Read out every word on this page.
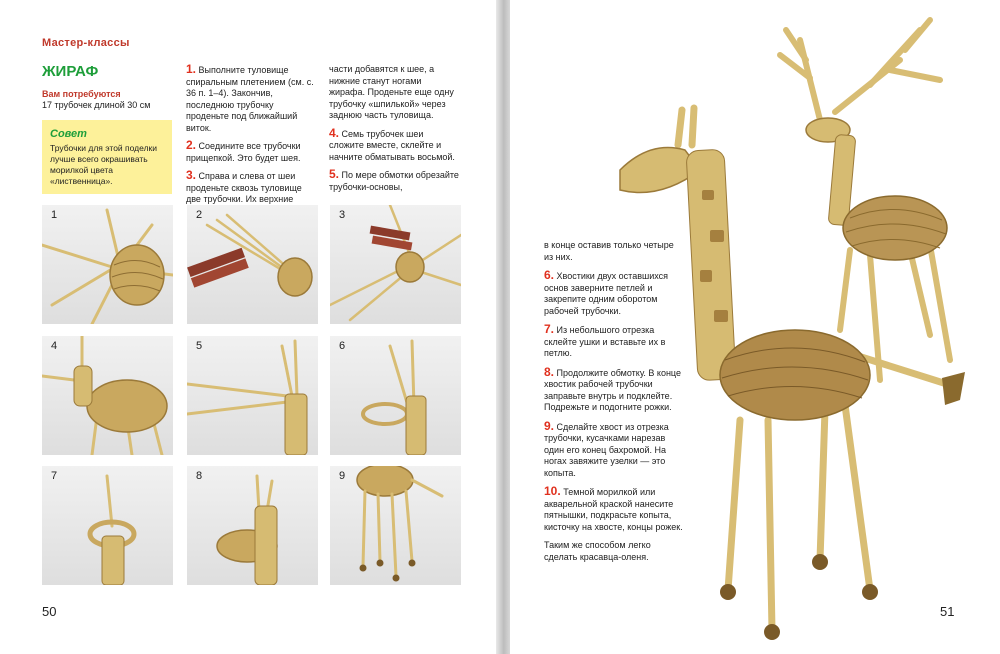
Мастер-классы
ЖИРАФ
Вам потребуются
17 трубочек длиной 30 см
Совет
Трубочки для этой поделки лучше всего окрашивать морилкой цвета «лиственница».
1. Выполните туловище спиральным плетением (см. с. 36 п. 1–4). Закончив, последнюю трубочку проденьте под ближайший виток.
2. Соедините все трубочки прищепкой. Это будет шея.
3. Справа и слева от шеи проденьте сквозь туловище две трубочки. Их верхние
части добавятся к шее, а нижние станут ногами жирафа. Проденьте еще одну трубочку «шпилькой» через заднюю часть туловища.
4. Семь трубочек шеи сложите вместе, склейте и начните обматывать восьмой.
5. По мере обмотки обрезайте трубочки-основы,
1	2	3
4	5	6
7	8	9
50
в конце оставив только четыре из них.
6. Хвостики двух оставшихся основ заверните петлей и закрепите одним оборотом рабочей трубочки.
7. Из небольшого отрезка склейте ушки и вставьте их в петлю.
8. Продолжите обмотку. В конце хвостик рабочей трубочки заправьте внутрь и подклейте. Подрежьте и подогните рожки.
9. Сделайте хвост из отрезка трубочки, кусачками нарезав один его конец бахромой. На ногах завяжите узелки — это копыта.
10. Темной морилкой или акварельной краской нанесите пятнышки, подкрасьте копыта, кисточку на хвосте, концы рожек.
Таким же способом легко сделать красавца-оленя.
51
